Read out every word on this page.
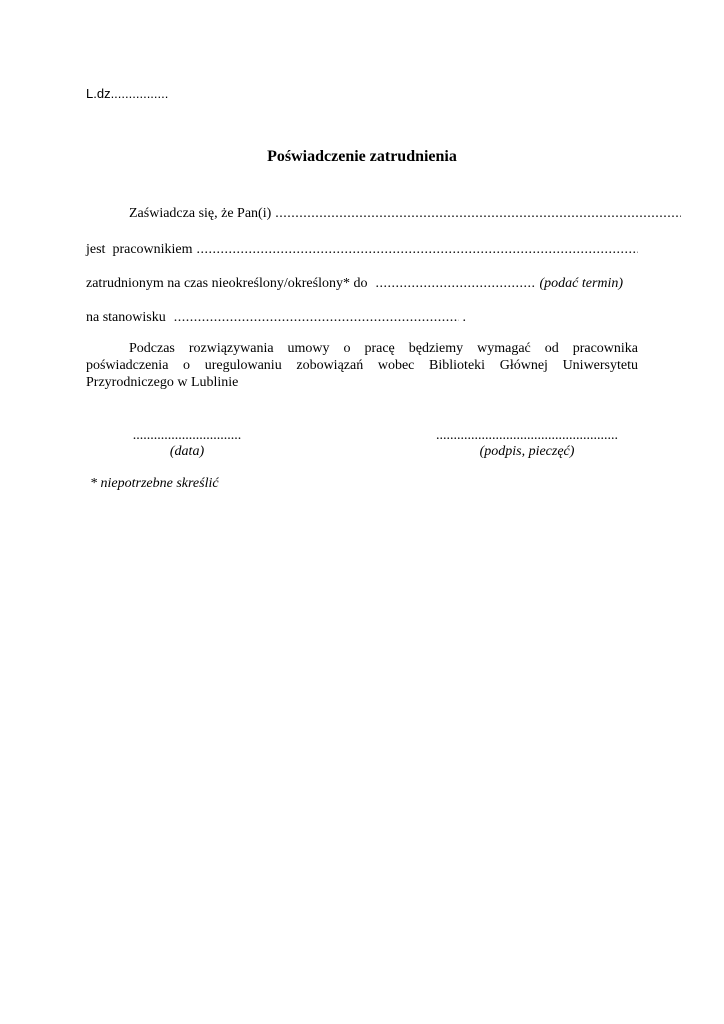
L.dz................
Poświadczenie zatrudnienia
Zaświadcza się, że Pan(i)
.....
jest  pracownikiem
.....
zatrudnionym na czas nieokreślony/określony* do .....	(podać termin)
na stanowisku .....	.
Podczas rozwiązywania umowy o pracę będziemy wymagać od pracownika poświadczenia o uregulowaniu zobowiązań wobec Biblioteki Głównej Uniwersytetu Przyrodniczego w Lublinie
...............................
(data)
....................................................
(podpis, pieczęć)
* niepotrzebne skreślić
